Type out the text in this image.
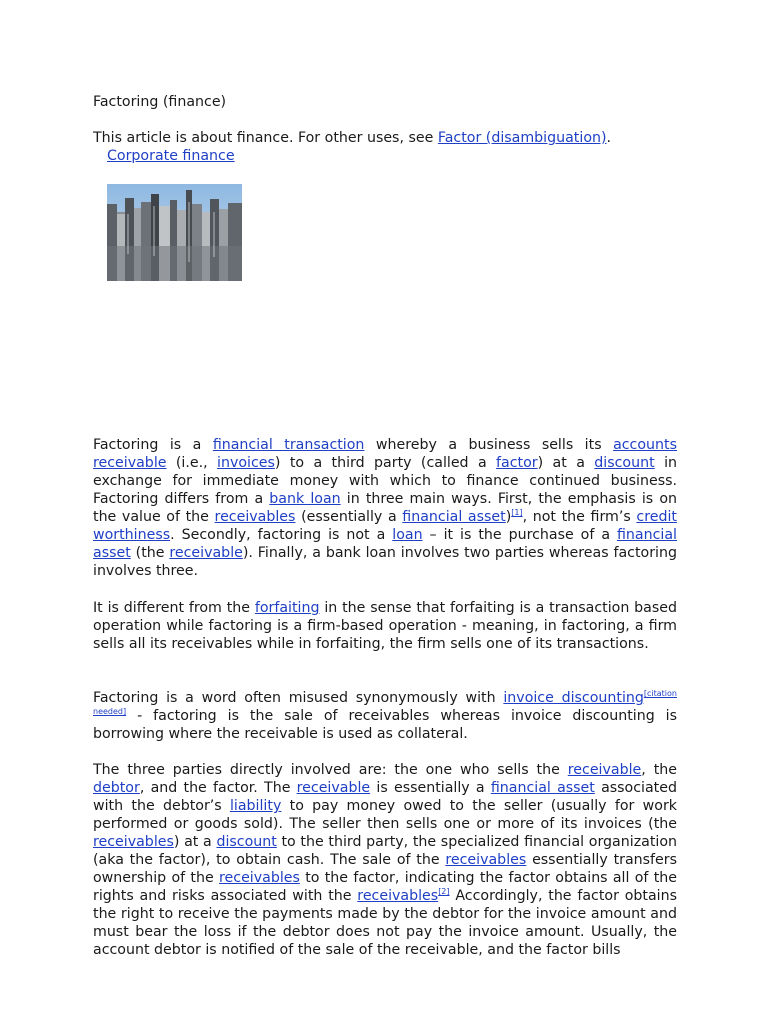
Factoring (finance)
This article is about finance. For other uses, see Factor (disambiguation).
Corporate finance
Factoring is a financial transaction whereby a business sells its accounts receivable (i.e., invoices) to a third party (called a factor) at a discount in exchange for immediate money with which to finance continued business. Factoring differs from a bank loan in three main ways. First, the emphasis is on the value of the receivables (essentially a financial asset)[1], not the firm’s credit worthiness. Secondly, factoring is not a loan – it is the purchase of a financial asset (the receivable). Finally, a bank loan involves two parties whereas factoring involves three.
It is different from the forfaiting in the sense that forfaiting is a transaction based operation while factoring is a firm-based operation - meaning, in factoring, a firm sells all its receivables while in forfaiting, the firm sells one of its transactions.
Factoring is a word often misused synonymously with invoice discounting[citation needed] - factoring is the sale of receivables whereas invoice discounting is borrowing where the receivable is used as collateral.
The three parties directly involved are: the one who sells the receivable, the debtor, and the factor. The receivable is essentially a financial asset associated with the debtor’s liability to pay money owed to the seller (usually for work performed or goods sold). The seller then sells one or more of its invoices (the receivables) at a discount to the third party, the specialized financial organization (aka the factor), to obtain cash. The sale of the receivables essentially transfers ownership of the receivables to the factor, indicating the factor obtains all of the rights and risks associated with the receivables[2] Accordingly, the factor obtains the right to receive the payments made by the debtor for the invoice amount and must bear the loss if the debtor does not pay the invoice amount. Usually, the account debtor is notified of the sale of the receivable, and the factor bills
